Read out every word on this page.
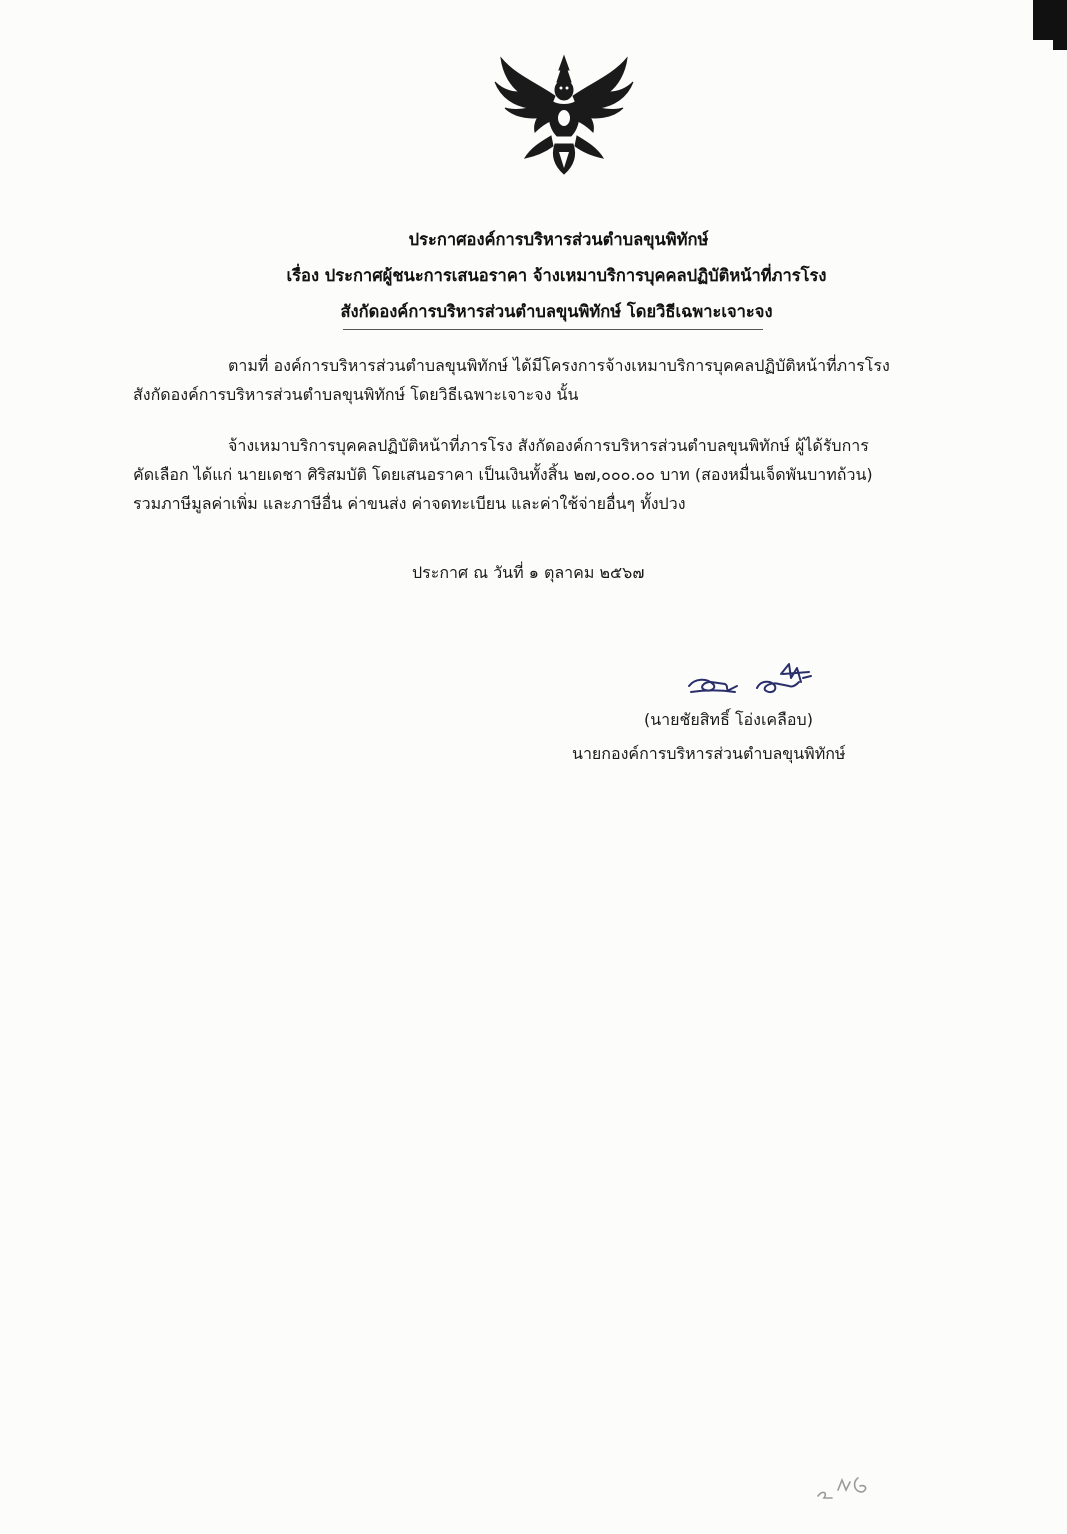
ประกาศองค์การบริหารส่วนตำบลขุนพิทักษ์
เรื่อง ประกาศผู้ชนะการเสนอราคา จ้างเหมาบริการบุคคลปฏิบัติหน้าที่ภารโรง
สังกัดองค์การบริหารส่วนตำบลขุนพิทักษ์ โดยวิธีเฉพาะเจาะจง
ตามที่ องค์การบริหารส่วนตำบลขุนพิทักษ์ ได้มีโครงการจ้างเหมาบริการบุคคลปฏิบัติหน้าที่ภารโรง
สังกัดองค์การบริหารส่วนตำบลขุนพิทักษ์ โดยวิธีเฉพาะเจาะจง นั้น
จ้างเหมาบริการบุคคลปฏิบัติหน้าที่ภารโรง สังกัดองค์การบริหารส่วนตำบลขุนพิทักษ์ ผู้ได้รับการ
คัดเลือก ได้แก่ นายเดชา ศิริสมบัติ โดยเสนอราคา เป็นเงินทั้งสิ้น ๒๗,๐๐๐.๐๐ บาท (สองหมื่นเจ็ดพันบาทถ้วน)
รวมภาษีมูลค่าเพิ่ม และภาษีอื่น ค่าขนส่ง ค่าจดทะเบียน และค่าใช้จ่ายอื่นๆ ทั้งปวง
ประกาศ ณ วันที่ ๑ ตุลาคม ๒๕๖๗
(นายชัยสิทธิ์ โอ่งเคลือบ)
นายกองค์การบริหารส่วนตำบลขุนพิทักษ์
